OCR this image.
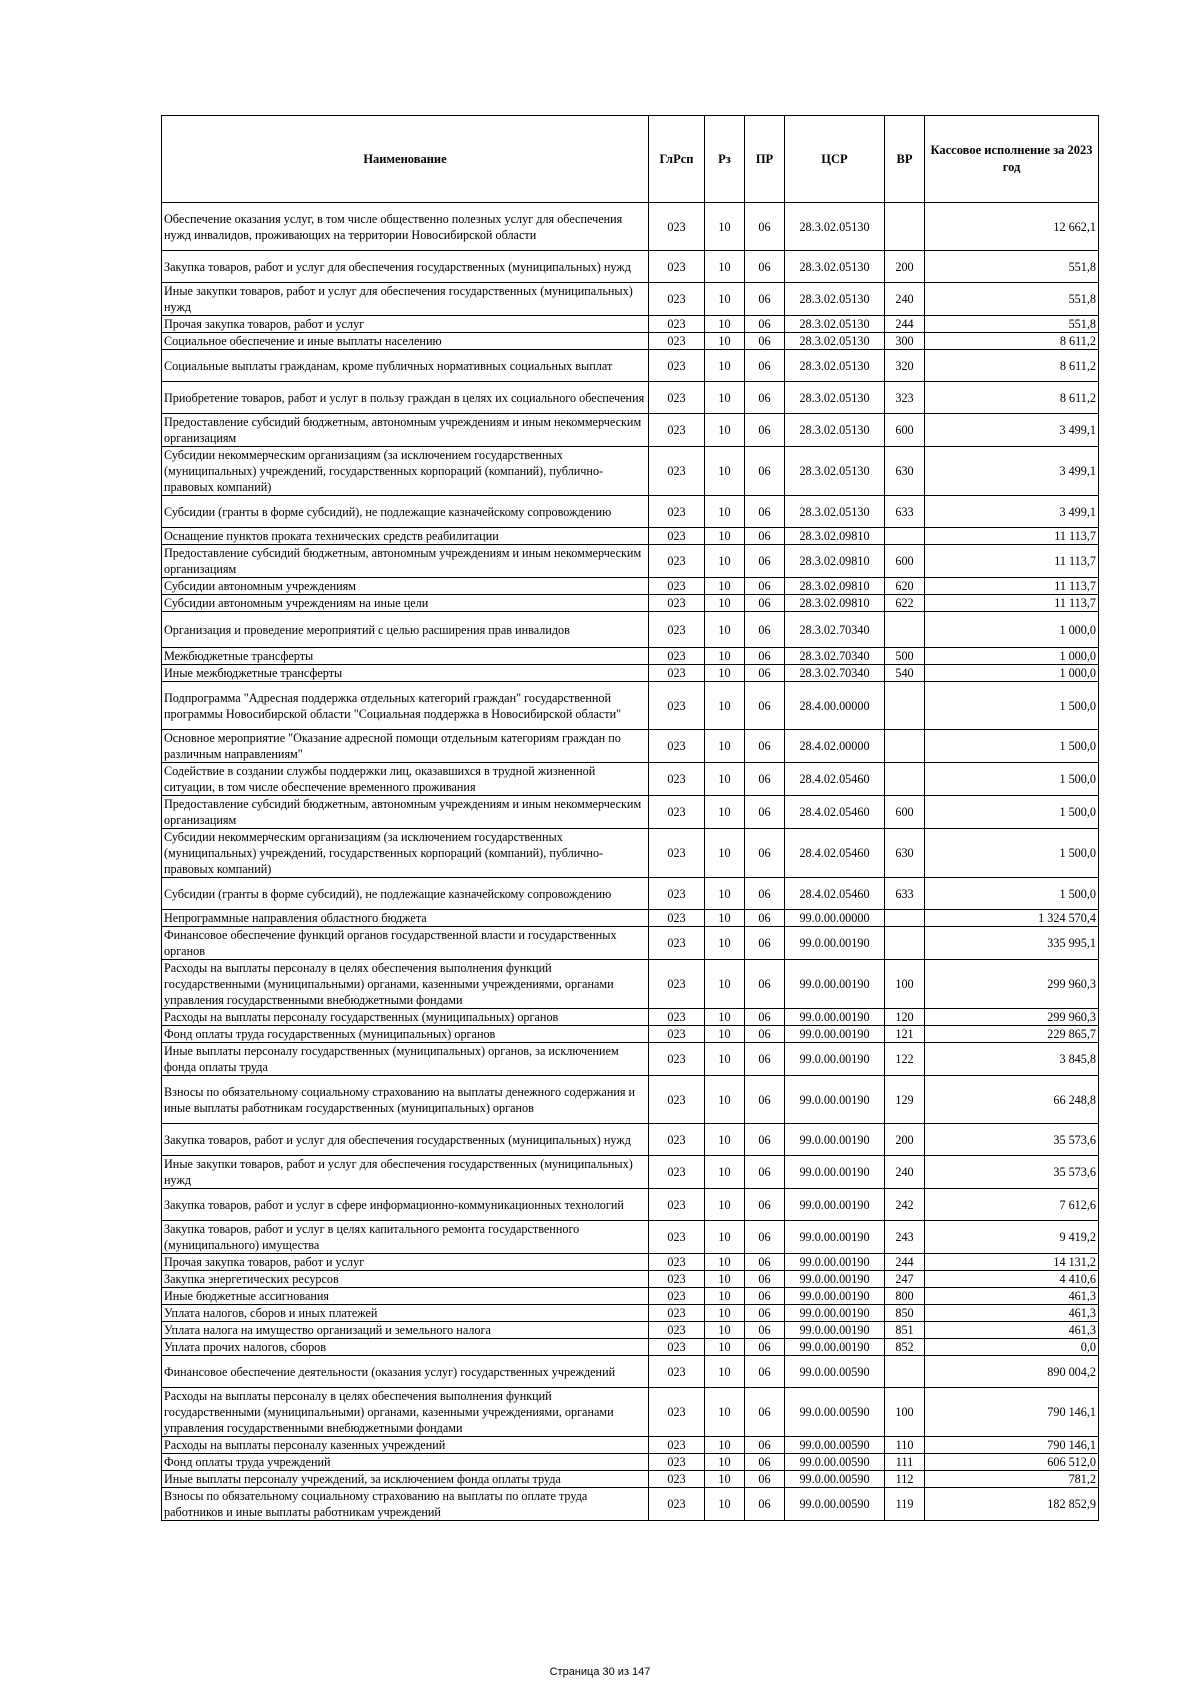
Наименование	ГлРсп	Рз	ПР	ЦСР	ВР	Кассовое исполнение за 2023 год
Обеспечение оказания услуг, в том числе общественно полезных услуг для обеспечения нужд инвалидов, проживающих на территории Новосибирской области	023	10	06	28.3.02.05130		12 662,1
Закупка товаров, работ и услуг для обеспечения государственных (муниципальных) нужд	023	10	06	28.3.02.05130	200	551,8
Иные закупки товаров, работ и услуг для обеспечения государственных (муниципальных) нужд	023	10	06	28.3.02.05130	240	551,8
Прочая закупка товаров, работ и услуг	023	10	06	28.3.02.05130	244	551,8
Социальное обеспечение и иные выплаты населению	023	10	06	28.3.02.05130	300	8 611,2
Социальные выплаты гражданам, кроме публичных нормативных социальных выплат	023	10	06	28.3.02.05130	320	8 611,2
Приобретение товаров, работ и услуг в пользу граждан в целях их социального обеспечения	023	10	06	28.3.02.05130	323	8 611,2
Предоставление субсидий бюджетным, автономным учреждениям и иным некоммерческим организациям	023	10	06	28.3.02.05130	600	3 499,1
Субсидии некоммерческим организациям (за исключением государственных (муниципальных) учреждений, государственных корпораций (компаний), публично-правовых компаний)	023	10	06	28.3.02.05130	630	3 499,1
Субсидии (гранты в форме субсидий), не подлежащие казначейскому сопровождению	023	10	06	28.3.02.05130	633	3 499,1
Оснащение пунктов проката технических средств реабилитации	023	10	06	28.3.02.09810		11 113,7
Предоставление субсидий бюджетным, автономным учреждениям и иным некоммерческим организациям	023	10	06	28.3.02.09810	600	11 113,7
Субсидии автономным учреждениям	023	10	06	28.3.02.09810	620	11 113,7
Субсидии автономным учреждениям на иные цели	023	10	06	28.3.02.09810	622	11 113,7
Организация и проведение мероприятий с целью расширения прав инвалидов	023	10	06	28.3.02.70340		1 000,0
Межбюджетные трансферты	023	10	06	28.3.02.70340	500	1 000,0
Иные межбюджетные трансферты	023	10	06	28.3.02.70340	540	1 000,0
Подпрограмма "Адресная поддержка отдельных категорий граждан" государственной программы Новосибирской области "Социальная поддержка в Новосибирской области"	023	10	06	28.4.00.00000		1 500,0
Основное мероприятие "Оказание адресной помощи отдельным категориям граждан по различным направлениям"	023	10	06	28.4.02.00000		1 500,0
Содействие в создании службы поддержки лиц, оказавшихся в трудной жизненной ситуации, в том числе обеспечение временного проживания	023	10	06	28.4.02.05460		1 500,0
Предоставление субсидий бюджетным, автономным учреждениям и иным некоммерческим организациям	023	10	06	28.4.02.05460	600	1 500,0
Субсидии некоммерческим организациям (за исключением государственных (муниципальных) учреждений, государственных корпораций (компаний), публично-правовых компаний)	023	10	06	28.4.02.05460	630	1 500,0
Субсидии (гранты в форме субсидий), не подлежащие казначейскому сопровождению	023	10	06	28.4.02.05460	633	1 500,0
Непрограммные направления областного бюджета	023	10	06	99.0.00.00000		1 324 570,4
Финансовое обеспечение функций органов государственной власти и государственных органов	023	10	06	99.0.00.00190		335 995,1
Расходы на выплаты персоналу в целях обеспечения выполнения функций государственными (муниципальными) органами, казенными учреждениями, органами управления государственными внебюджетными фондами	023	10	06	99.0.00.00190	100	299 960,3
Расходы на выплаты персоналу государственных (муниципальных) органов	023	10	06	99.0.00.00190	120	299 960,3
Фонд оплаты труда государственных (муниципальных) органов	023	10	06	99.0.00.00190	121	229 865,7
Иные выплаты персоналу государственных (муниципальных) органов, за исключением фонда оплаты труда	023	10	06	99.0.00.00190	122	3 845,8
Взносы по обязательному социальному страхованию на выплаты денежного содержания и иные выплаты работникам государственных (муниципальных) органов	023	10	06	99.0.00.00190	129	66 248,8
Закупка товаров, работ и услуг для обеспечения государственных (муниципальных) нужд	023	10	06	99.0.00.00190	200	35 573,6
Иные закупки товаров, работ и услуг для обеспечения государственных (муниципальных) нужд	023	10	06	99.0.00.00190	240	35 573,6
Закупка товаров, работ и услуг в сфере информационно-коммуникационных технологий	023	10	06	99.0.00.00190	242	7 612,6
Закупка товаров, работ и услуг в целях капитального ремонта государственного (муниципального) имущества	023	10	06	99.0.00.00190	243	9 419,2
Прочая закупка товаров, работ и услуг	023	10	06	99.0.00.00190	244	14 131,2
Закупка энергетических ресурсов	023	10	06	99.0.00.00190	247	4 410,6
Иные бюджетные ассигнования	023	10	06	99.0.00.00190	800	461,3
Уплата налогов, сборов и иных платежей	023	10	06	99.0.00.00190	850	461,3
Уплата налога на имущество организаций и земельного налога	023	10	06	99.0.00.00190	851	461,3
Уплата прочих налогов, сборов	023	10	06	99.0.00.00190	852	0,0
Финансовое обеспечение деятельности (оказания услуг) государственных учреждений	023	10	06	99.0.00.00590		890 004,2
Расходы на выплаты персоналу в целях обеспечения выполнения функций государственными (муниципальными) органами, казенными учреждениями, органами управления государственными внебюджетными фондами	023	10	06	99.0.00.00590	100	790 146,1
Расходы на выплаты персоналу казенных учреждений	023	10	06	99.0.00.00590	110	790 146,1
Фонд оплаты труда учреждений	023	10	06	99.0.00.00590	111	606 512,0
Иные выплаты персоналу учреждений, за исключением фонда оплаты труда	023	10	06	99.0.00.00590	112	781,2
Взносы по обязательному социальному страхованию на выплаты по оплате труда работников и иные выплаты работникам учреждений	023	10	06	99.0.00.00590	119	182 852,9
Страница 30 из 147
